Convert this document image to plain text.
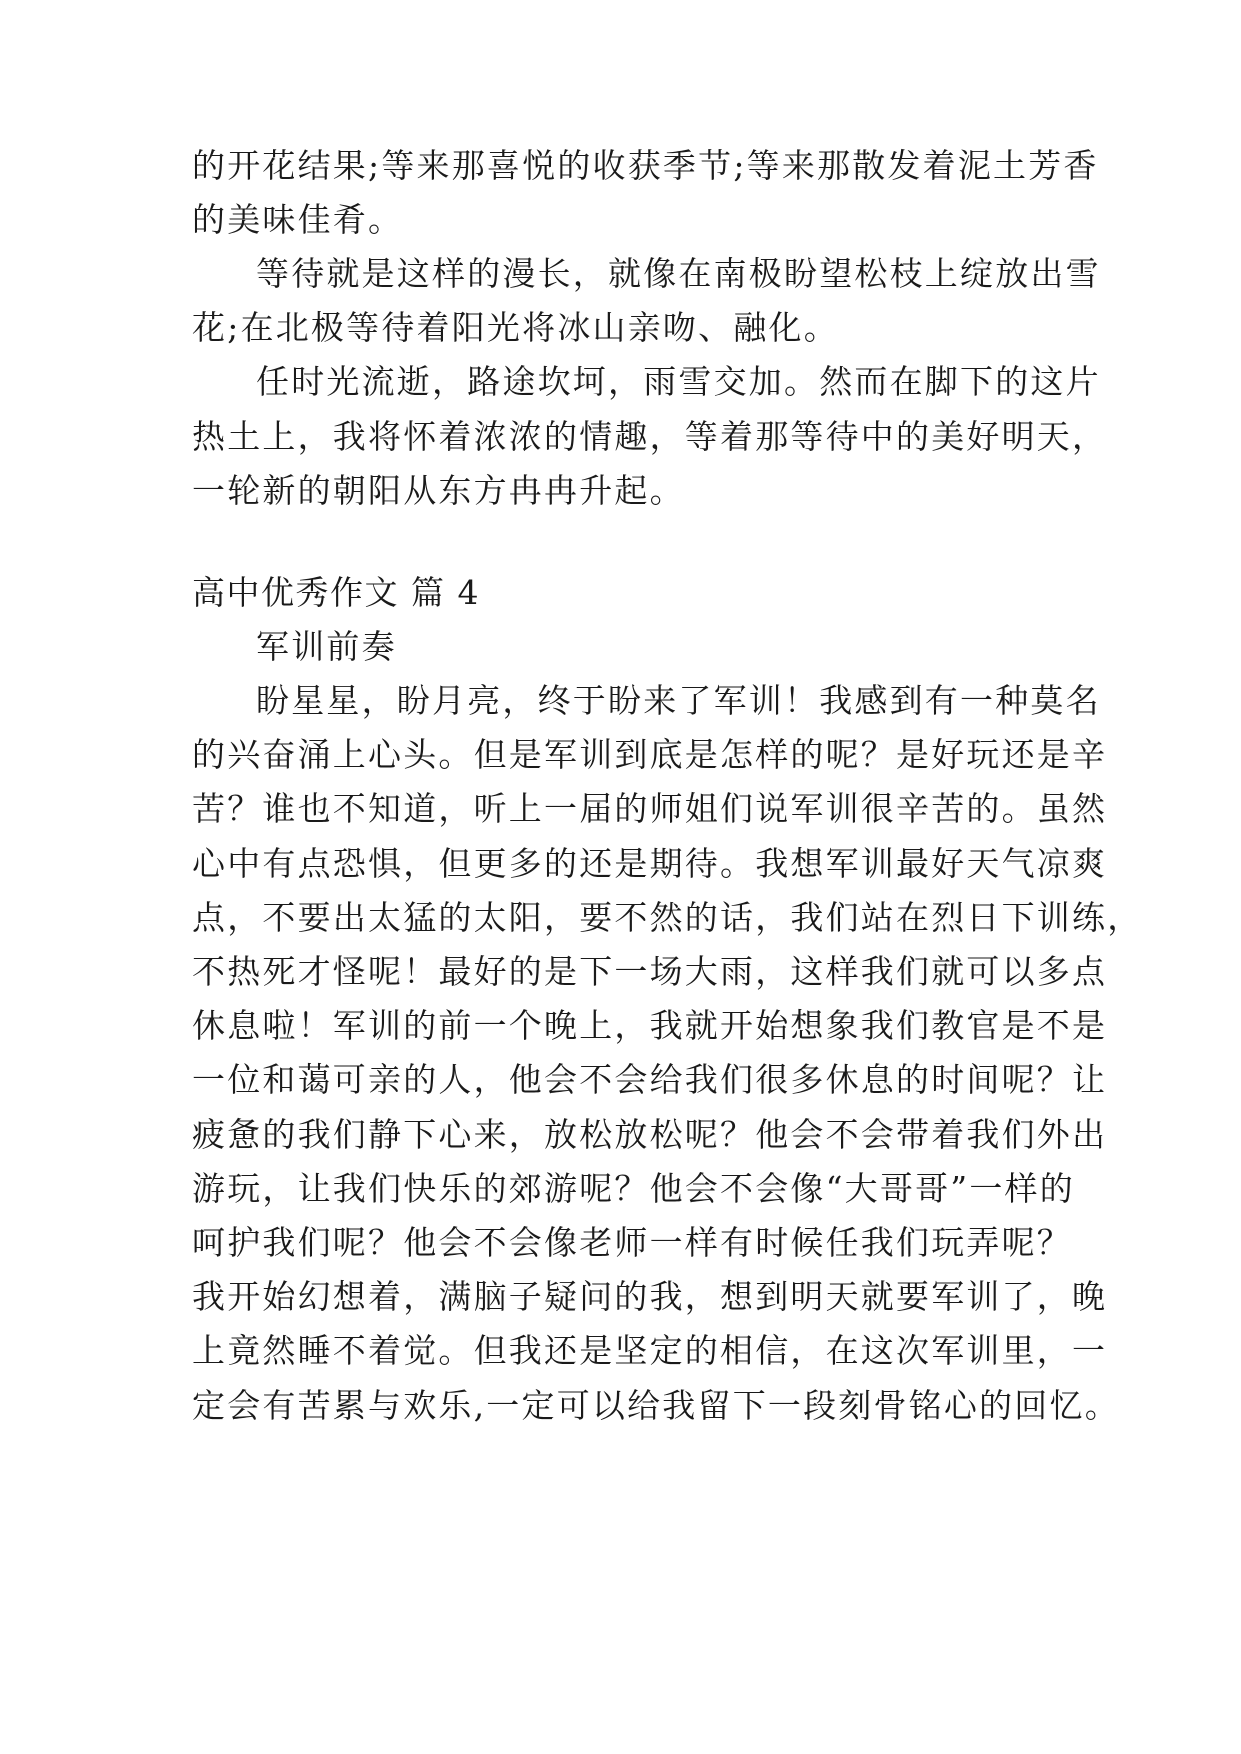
的开花结果;等来那喜悦的收获季节;等来那散发着泥土芳香
的美味佳肴。
等待就是这样的漫长，就像在南极盼望松枝上绽放出雪
花;在北极等待着阳光将冰山亲吻、融化。
任时光流逝，路途坎坷，雨雪交加。然而在脚下的这片
热土上，我将怀着浓浓的情趣，等着那等待中的美好明天，
一轮新的朝阳从东方冉冉升起。
高中优秀作文 篇 4
军训前奏
盼星星，盼月亮，终于盼来了军训！我感到有一种莫名
的兴奋涌上心头。但是军训到底是怎样的呢？是好玩还是辛
苦？谁也不知道，听上一届的师姐们说军训很辛苦的。虽然
心中有点恐惧，但更多的还是期待。我想军训最好天气凉爽
点，不要出太猛的太阳，要不然的话，我们站在烈日下训练，
不热死才怪呢！最好的是下一场大雨，这样我们就可以多点
休息啦！军训的前一个晚上，我就开始想象我们教官是不是
一位和蔼可亲的人，他会不会给我们很多休息的时间呢？让
疲惫的我们静下心来，放松放松呢？他会不会带着我们外出
游玩，让我们快乐的郊游呢？他会不会像“大哥哥”一样的
呵护我们呢？他会不会像老师一样有时候任我们玩弄呢？
我开始幻想着，满脑子疑问的我，想到明天就要军训了，晚
上竟然睡不着觉。但我还是坚定的相信，在这次军训里，一
定会有苦累与欢乐,一定可以给我留下一段刻骨铭心的回忆。
